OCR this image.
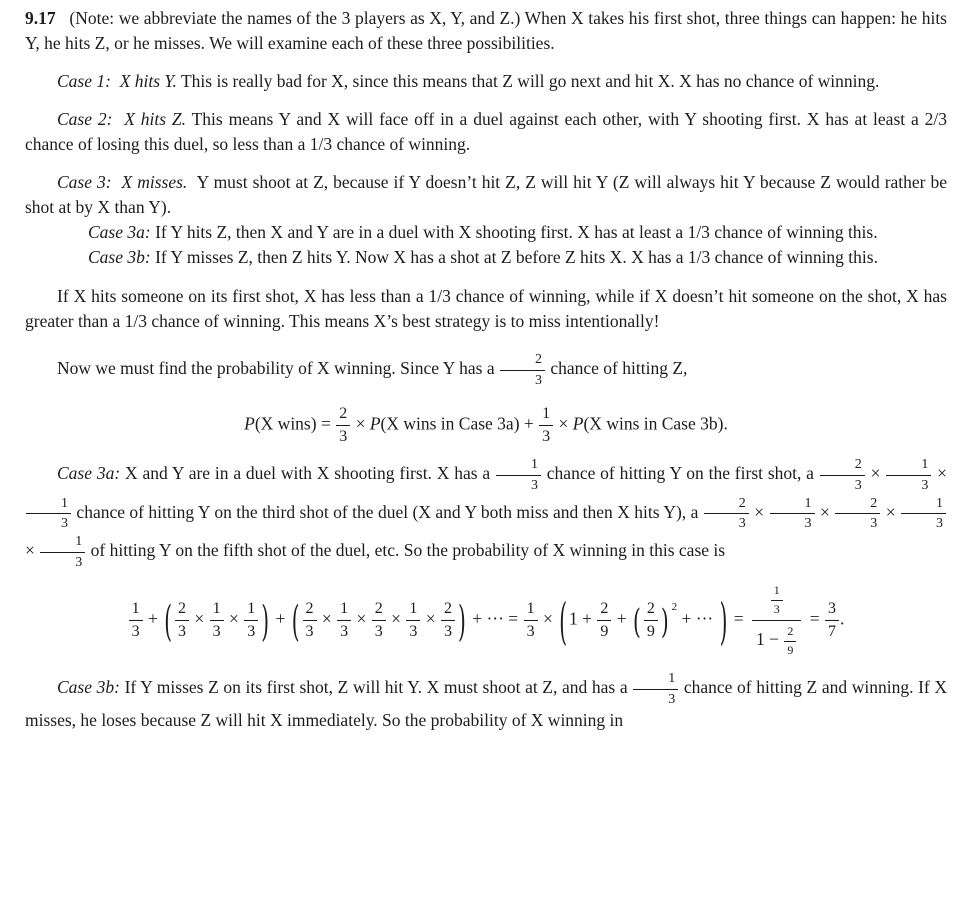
9.17   (Note: we abbreviate the names of the 3 players as X, Y, and Z.) When X takes his first shot, three things can happen: he hits Y, he hits Z, or he misses. We will examine each of these three possibilities.

Case 1:  X hits Y. This is really bad for X, since this means that Z will go next and hit X. X has no chance of winning.

Case 2:  X hits Z. This means Y and X will face off in a duel against each other, with Y shooting first. X has at least a 2/3 chance of losing this duel, so less than a 1/3 chance of winning.

Case 3:  X misses.  Y must shoot at Z, because if Y doesn’t hit Z, Z will hit Y (Z will always hit Y because Z would rather be shot at by X than Y).

Case 3a: If Y hits Z, then X and Y are in a duel with X shooting first. X has at least a 1/3 chance of winning this.

Case 3b: If Y misses Z, then Z hits Y. Now X has a shot at Z before Z hits X. X has a 1/3 chance of winning this.

If X hits someone on its first shot, X has less than a 1/3 chance of winning, while if X doesn’t hit someone on the shot, X has greater than a 1/3 chance of winning. This means X’s best strategy is to miss intentionally!

Now we must find the probability of X winning. Since Y has a $\frac{2}{3}$ chance of hitting Z,

P(X wins) = $\frac{2}{3} \times P(X$ wins in Case $3a) + \frac{1}{3} \times P(X$ wins in Case 3b).

Case 3a: X and Y are in a duel with X shooting first. X has a $\frac{1}{3}$ chance of hitting Y on the first shot, a $\frac{2}{3} \times \frac{1}{3}$ ×
$\frac{1}{3}$ chance of hitting Y on the third shot of the duel (X and Y both miss and then X hits Y), a $\frac{2}{3} \times \frac{1}{3} \times \frac{2}{3} \times \frac{1}{3}$
× $\frac{1}{3}$ of hitting Y on the fifth shot of the duel, etc. So the probability of X winning in this case is

$\frac{1}{3}$ + ( $\frac{2}{3} \times \frac{1}{3} \times \frac{1}{3}$ ) + ( $\frac{2}{3} \times \frac{1}{3} \times \frac{2}{3} \times \frac{1}{3} \times \frac{2}{3}$ ) + ··· = $\frac{1}{3}$ × ( $1 + \frac{2}{9}$ + ( $\frac{2}{9}$ ) $^2$ + ··· ) = $\frac{\frac{1}{3}}{1 - \frac{2}{9}} = \frac{3}{7}$ .

Case 3b: If Y misses Z on its first shot, Z will hit Y. X must shoot at Z, and has a $\frac{1}{3}$ chance of hitting Z and winning. If X misses, he loses because Z will hit X immediately. So the probability of X winning in
